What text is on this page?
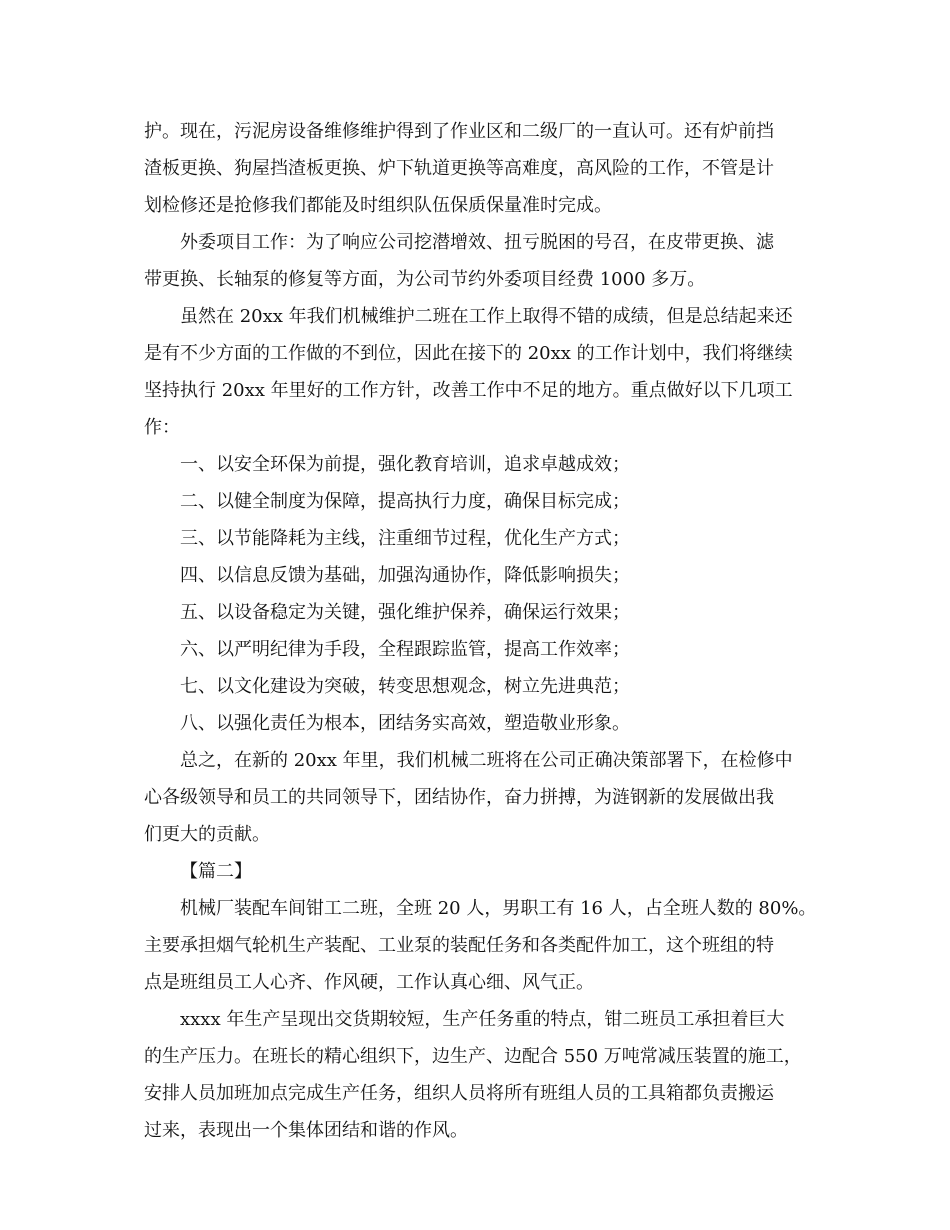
护。现在，污泥房设备维修维护得到了作业区和二级厂的一直认可。还有炉前挡
渣板更换、狗屋挡渣板更换、炉下轨道更换等高难度，高风险的工作，不管是计
划检修还是抢修我们都能及时组织队伍保质保量准时完成。
外委项目工作：为了响应公司挖潜增效、扭亏脱困的号召，在皮带更换、滤
带更换、长轴泵的修复等方面，为公司节约外委项目经费 1000 多万。
虽然在 20xx 年我们机械维护二班在工作上取得不错的成绩，但是总结起来还
是有不少方面的工作做的不到位，因此在接下的 20xx 的工作计划中，我们将继续
坚持执行 20xx 年里好的工作方针，改善工作中不足的地方。重点做好以下几项工
作：
一、以安全环保为前提，强化教育培训，追求卓越成效；
二、以健全制度为保障，提高执行力度，确保目标完成；
三、以节能降耗为主线，注重细节过程，优化生产方式；
四、以信息反馈为基础，加强沟通协作，降低影响损失；
五、以设备稳定为关键，强化维护保养，确保运行效果；
六、以严明纪律为手段，全程跟踪监管，提高工作效率；
七、以文化建设为突破，转变思想观念，树立先进典范；
八、以强化责任为根本，团结务实高效，塑造敬业形象。
总之，在新的 20xx 年里，我们机械二班将在公司正确决策部署下，在检修中
心各级领导和员工的共同领导下，团结协作，奋力拼搏，为涟钢新的发展做出我
们更大的贡献。
【篇二】
机械厂装配车间钳工二班，全班 20 人，男职工有 16 人，占全班人数的 80%。
主要承担烟气轮机生产装配、工业泵的装配任务和各类配件加工，这个班组的特
点是班组员工人心齐、作风硬，工作认真心细、风气正。
xxxx 年生产呈现出交货期较短，生产任务重的特点，钳二班员工承担着巨大
的生产压力。在班长的精心组织下，边生产、边配合 550 万吨常减压装置的施工，
安排人员加班加点完成生产任务，组织人员将所有班组人员的工具箱都负责搬运
过来，表现出一个集体团结和谐的作风。
